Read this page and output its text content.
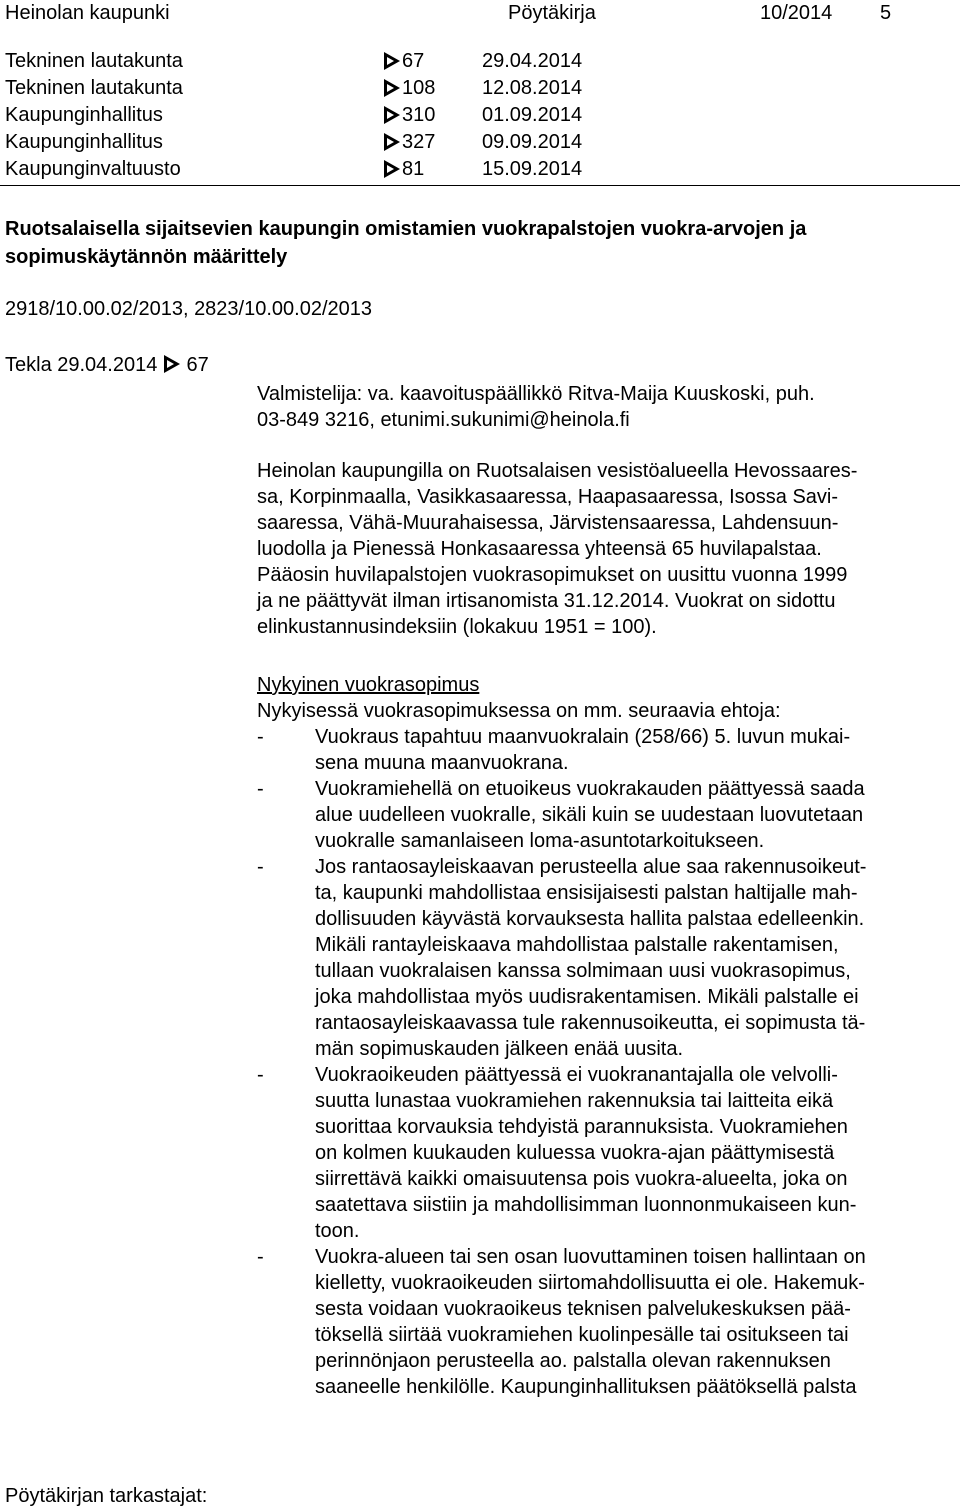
Heinolan kaupunki	Pöytäkirja	10/2014 5
Tekninen lautakunta	67	29.04.2014
Tekninen lautakunta	108 12.08.2014
Kaupunginhallitus	310 01.09.2014
Kaupunginhallitus	327 09.09.2014
Kaupunginvaltuusto	81	15.09.2014
Ruotsalaisella sijaitsevien kaupungin omistamien vuokrapalstojen vuokra-arvojen ja sopimuskäytännön määrittely
2918/10.00.02/2013, 2823/10.00.02/2013
Tekla 29.04.2014 67

Valmistelija: va. kaavoituspäällikkö Ritva-Maija Kuuskoski, puh.

03-849 3216, etunimi.sukunimi@heinola.fi

Heinolan kaupungilla on Ruotsalaisen vesistöalueella Hevossaares-

sa, Korpinmaalla, Vasikkasaaressa, Haapasaaressa, Isossa Savi-

saaressa, Vähä-Muurahaisessa, Järvistensaaressa, Lahdensuun-

luodolla ja Pienessä Honkasaaressa yhteensä 65 huvilapalstaa.

Pääosin huvilapalstojen vuokrasopimukset on uusittu vuonna 1999

ja ne päättyvät ilman irtisanomista 31.12.2014. Vuokrat on sidottu

elinkustannusindeksiin (lokakuu 1951 = 100).

Nykyinen vuokrasopimus

Nykyisessä vuokrasopimuksessa on mm. seuraavia ehtoja:

-	Vuokraus tapahtuu maanvuokralain (258/66) 5. luvun mukai-

sena muuna maanvuokrana.

-	Vuokramiehellä on etuoikeus vuokrakauden päättyessä saada

alue uudelleen vuokralle, sikäli kuin se uudestaan luovutetaan

vuokralle samanlaiseen loma-asuntotarkoitukseen.

-	Jos rantaosayleiskaavan perusteella alue saa rakennusoikeut-

ta, kaupunki mahdollistaa ensisijaisesti palstan haltijalle mah-

dollisuuden käyvästä korvauksesta hallita palstaa edelleenkin.

Mikäli rantayleiskaava mahdollistaa palstalle rakentamisen,

tullaan vuokralaisen kanssa solmimaan uusi vuokrasopimus,

joka mahdollistaa myös uudisrakentamisen. Mikäli palstalle ei

rantaosayleiskaavassa tule rakennusoikeutta, ei sopimusta tä-

män sopimuskauden jälkeen enää uusita.

-	Vuokraoikeuden päättyessä ei vuokranantajalla ole velvolli-

suutta lunastaa vuokramiehen rakennuksia tai laitteita eikä

suorittaa korvauksia tehdyistä parannuksista. Vuokramiehen

on kolmen kuukauden kuluessa vuokra-ajan päättymisestä

siirrettävä kaikki omaisuutensa pois vuokra-alueelta, joka on

saatettava siistiin ja mahdollisimman luonnonmukaiseen kun-

toon.

-	Vuokra-alueen tai sen osan luovuttaminen toisen hallintaan on

kielletty, vuokraoikeuden siirtomahdollisuutta ei ole. Hakemuk-

sesta voidaan vuokraoikeus teknisen palvelukeskuksen pää-

töksellä siirtää vuokramiehen kuolinpesälle tai ositukseen tai

perinnönjaon perusteella ao. palstalla olevan rakennuksen

saaneelle henkilölle. Kaupunginhallituksen päätöksellä palsta

Pöytäkirjan tarkastajat:
